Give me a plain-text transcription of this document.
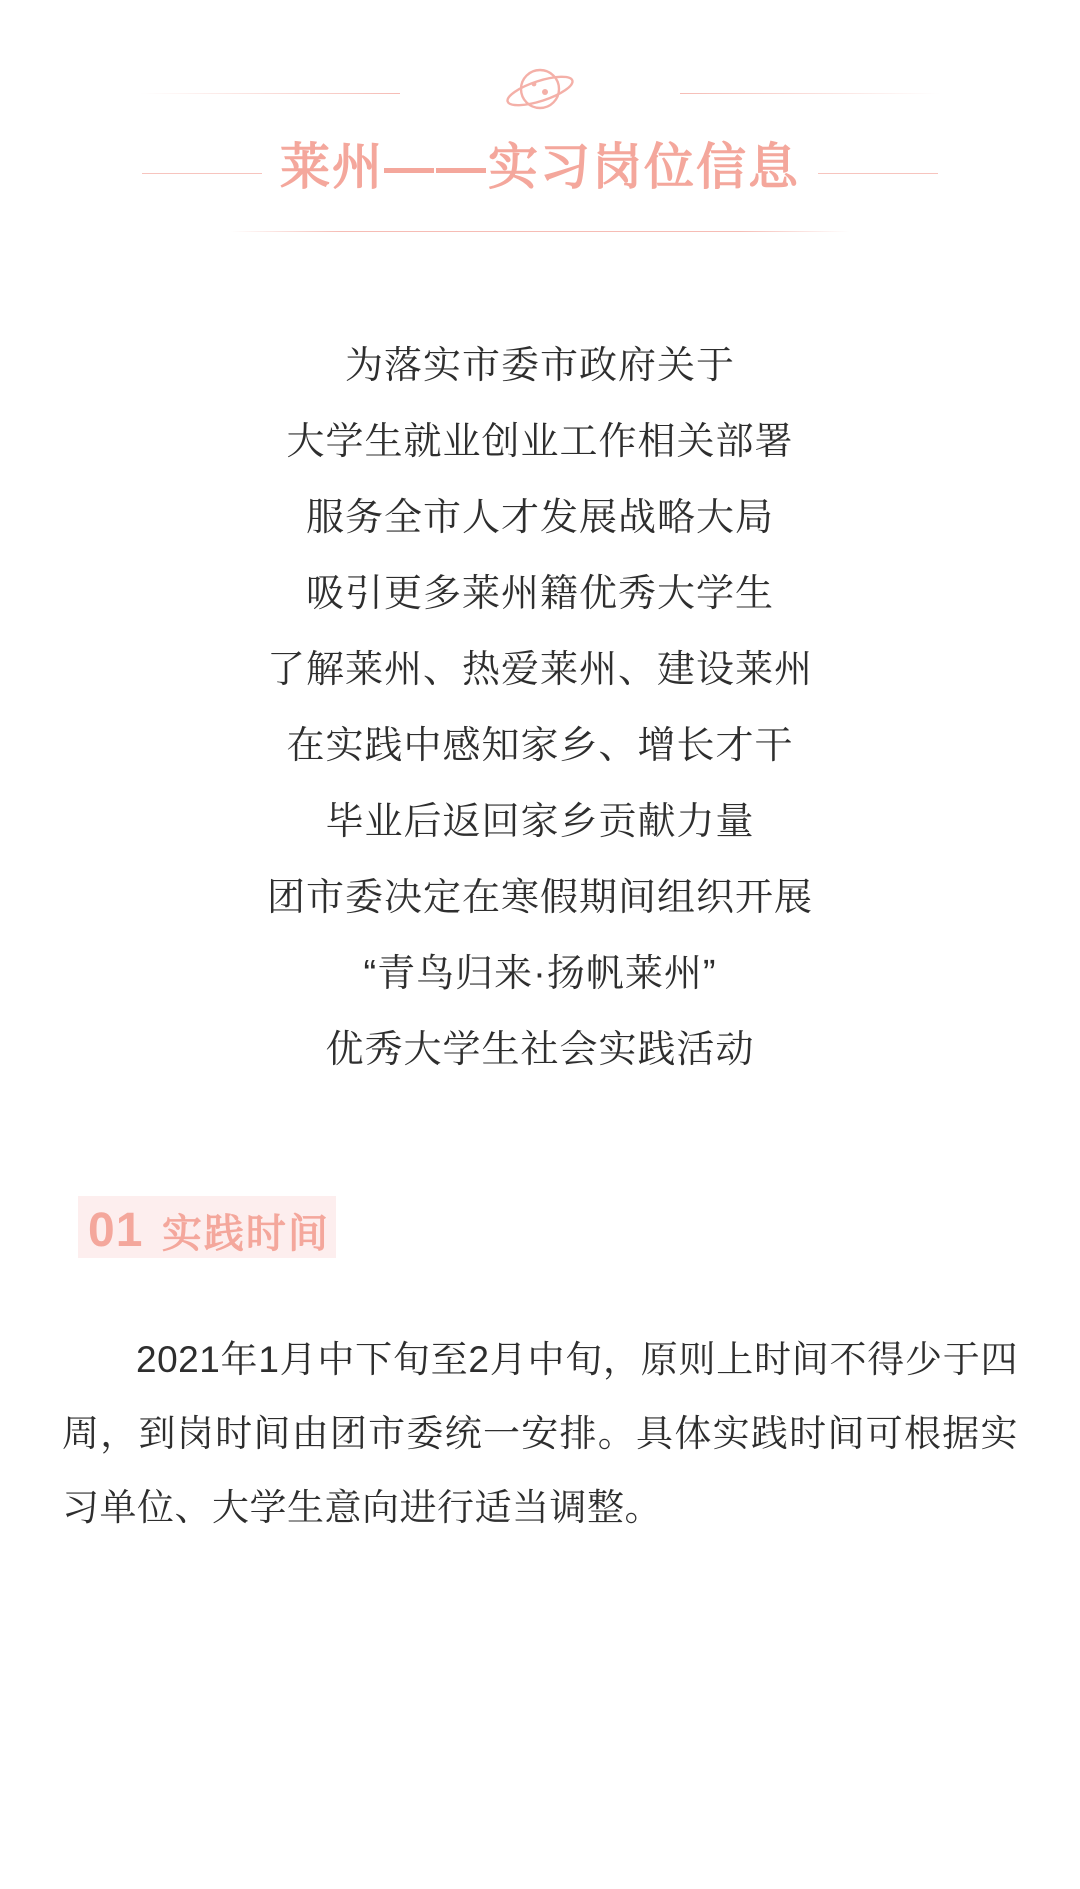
莱州——实习岗位信息
为落实市委市政府关于
大学生就业创业工作相关部署
服务全市人才发展战略大局
吸引更多莱州籍优秀大学生
了解莱州、热爱莱州、建设莱州
在实践中感知家乡、增长才干
毕业后返回家乡贡献力量
团市委决定在寒假期间组织开展
“青鸟归来·扬帆莱州”
优秀大学生社会实践活动
01 实践时间
2021年1月中下旬至2月中旬，原则上时间不得少于四周，到岗时间由团市委统一安排。具体实践时间可根据实习单位、大学生意向进行适当调整。
